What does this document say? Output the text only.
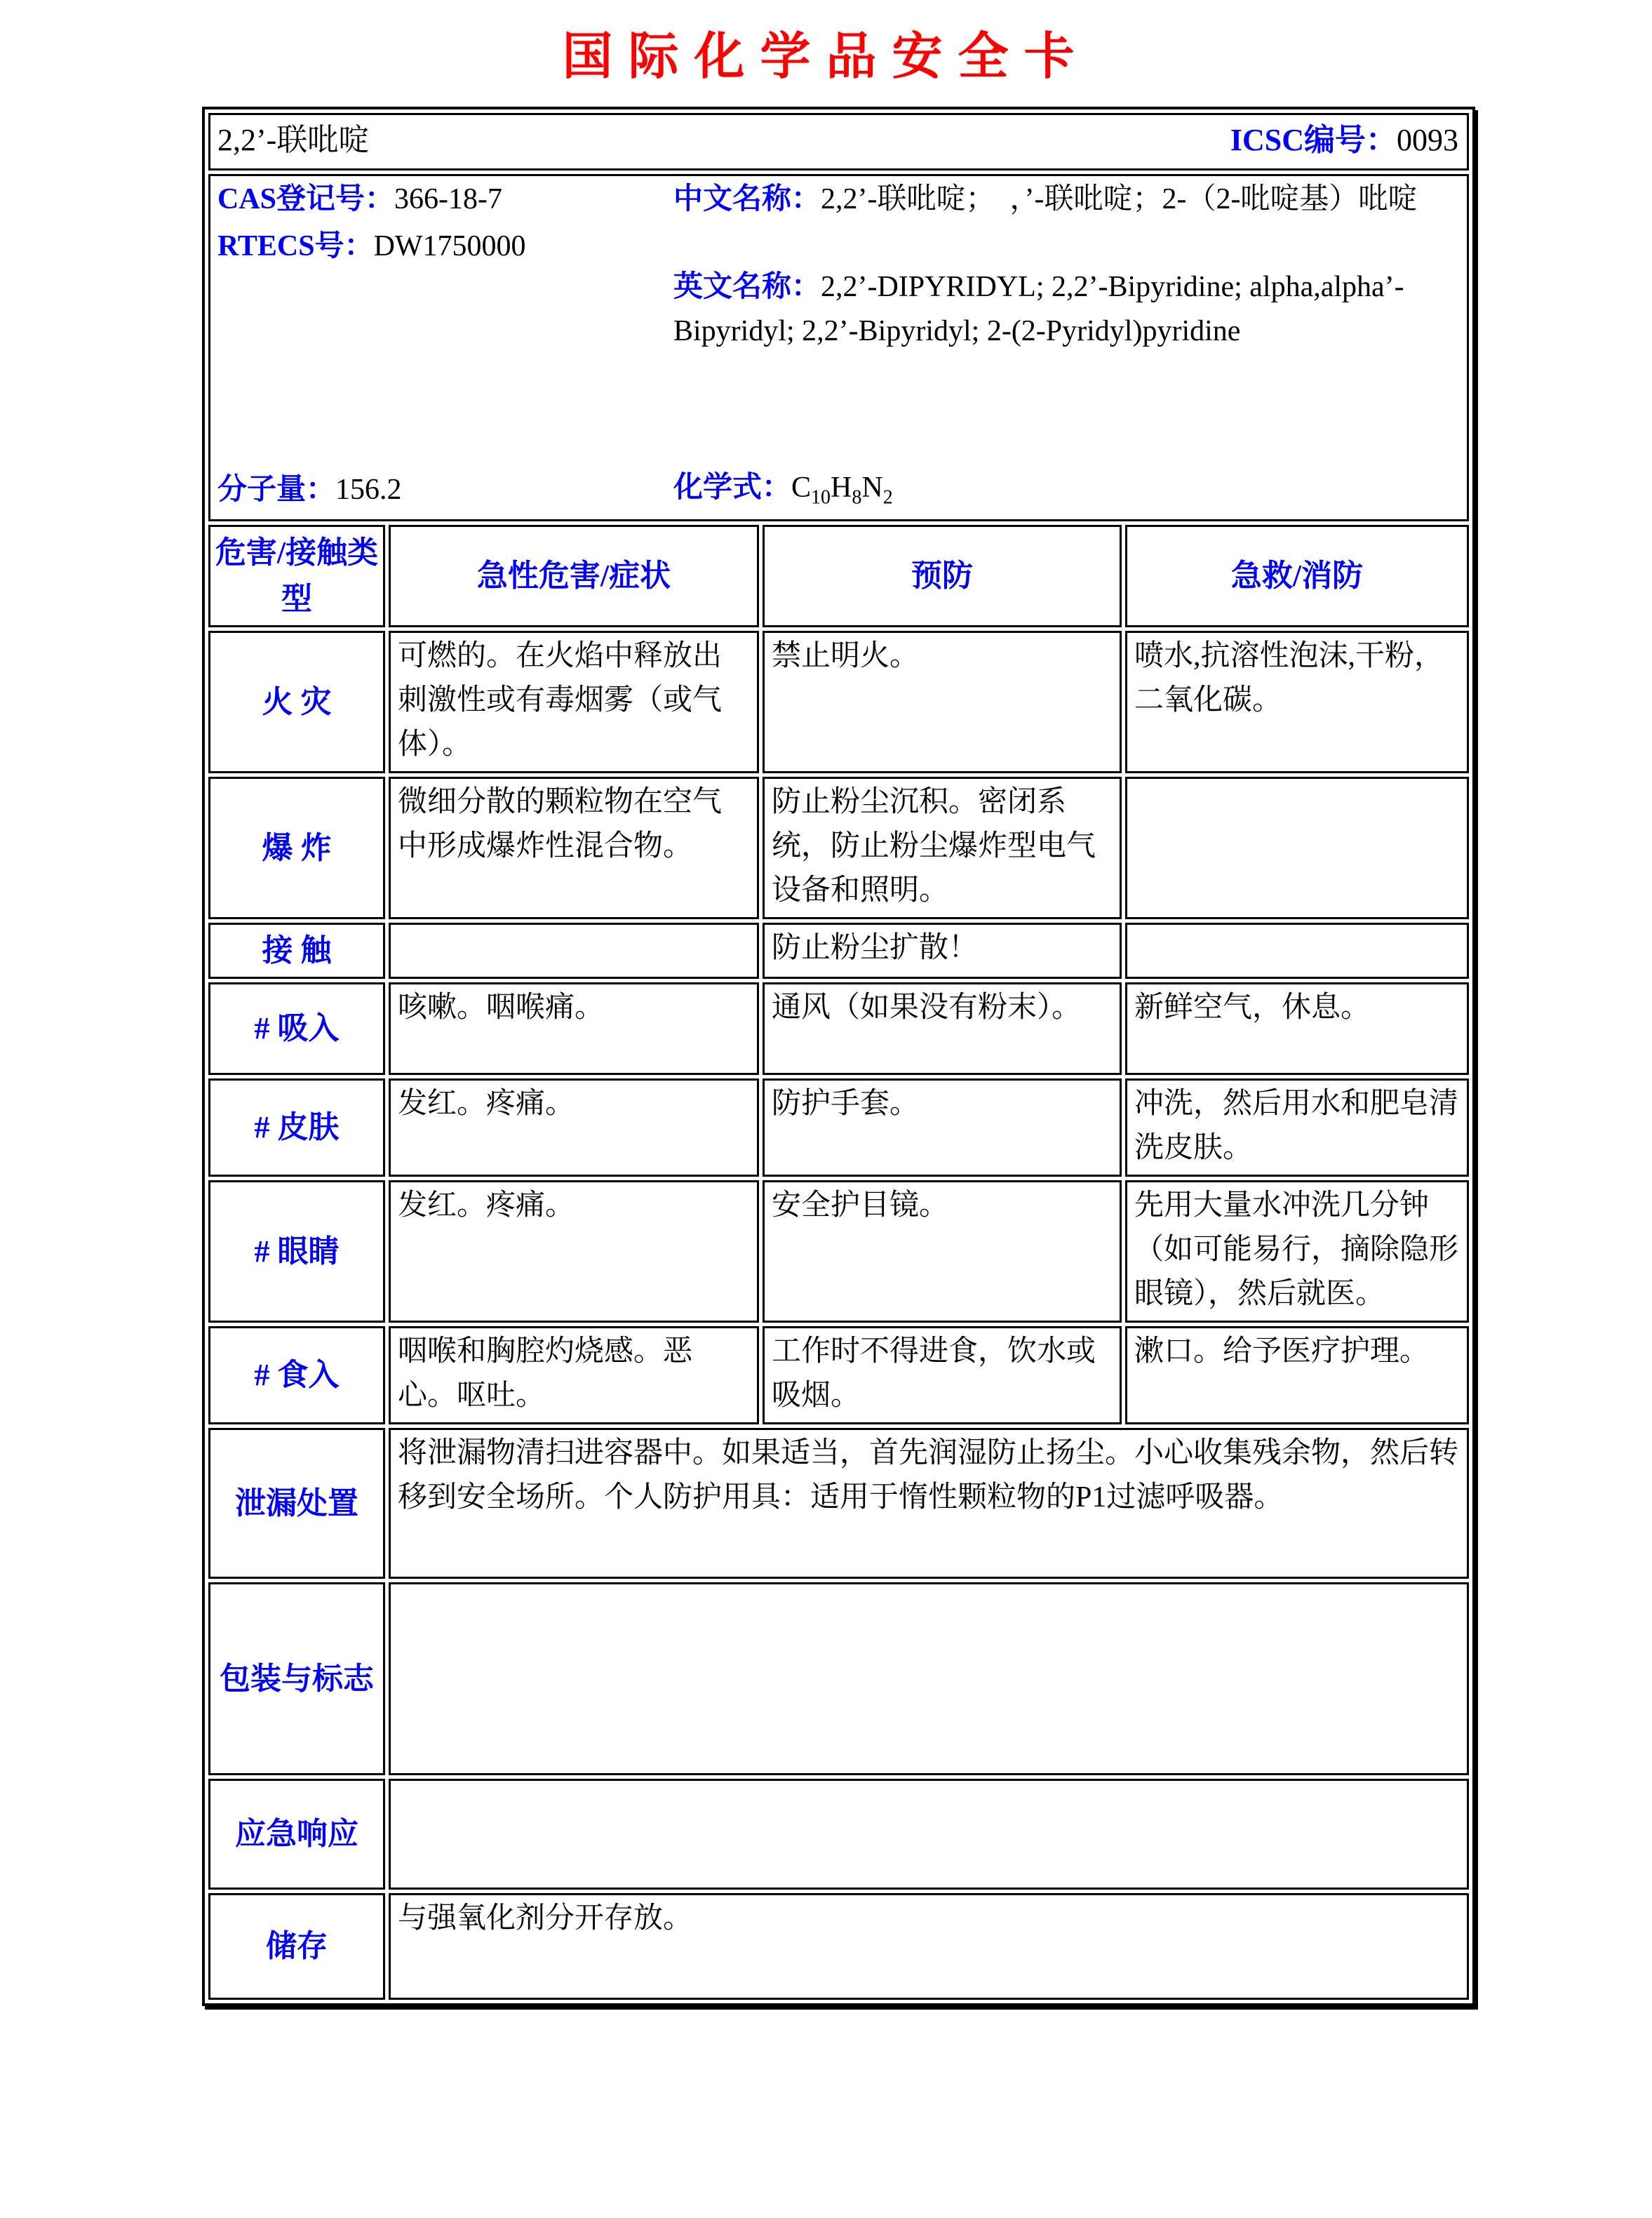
国际化学品安全卡
2,2’-联吡啶 ICSC编号：0093			

CAS登记号：366-18-7
RTECS号：DW1750000
分子量：156.2
中文名称：2,2’-联吡啶；　，’-联吡啶；2-（2-吡啶基）吡啶
英文名称：2,2’-DIPYRIDYL; 2,2’-Bipyridine; alpha,alpha’-Bipyridyl; 2,2’-Bipyridyl; 2-(2-Pyridyl)pyridine
化学式：$C_{10}H_8N_2$

危害/接触类型	急性危害/症状	预防	急救/消防
火 灾	可燃的。在火焰中释放出刺激性或有毒烟雾（或气体）。	禁止明火。	喷水,抗溶性泡沫,干粉，二氧化碳。
爆 炸	微细分散的颗粒物在空气中形成爆炸性混合物。	防止粉尘沉积。密闭系统，防止粉尘爆炸型电气设备和照明。	
接 触		防止粉尘扩散！	
# 吸入	咳嗽。咽喉痛。	通风（如果没有粉末）。	新鲜空气，休息。
# 皮肤	发红。疼痛。	防护手套。	冲洗，然后用水和肥皂清洗皮肤。
# 眼睛	发红。疼痛。	安全护目镜。	先用大量水冲洗几分钟（如可能易行，摘除隐形眼镜），然后就医。
# 食入	咽喉和胸腔灼烧感。恶心。呕吐。	工作时不得进食，饮水或吸烟。	漱口。给予医疗护理。
泄漏处置	将泄漏物清扫进容器中。如果适当，首先润湿防止扬尘。小心收集残余物，然后转移到安全场所。个人防护用具：适用于惰性颗粒物的P1过滤呼吸器。		
包装与标志			
应急响应			
储存	与强氧化剂分开存放。		
